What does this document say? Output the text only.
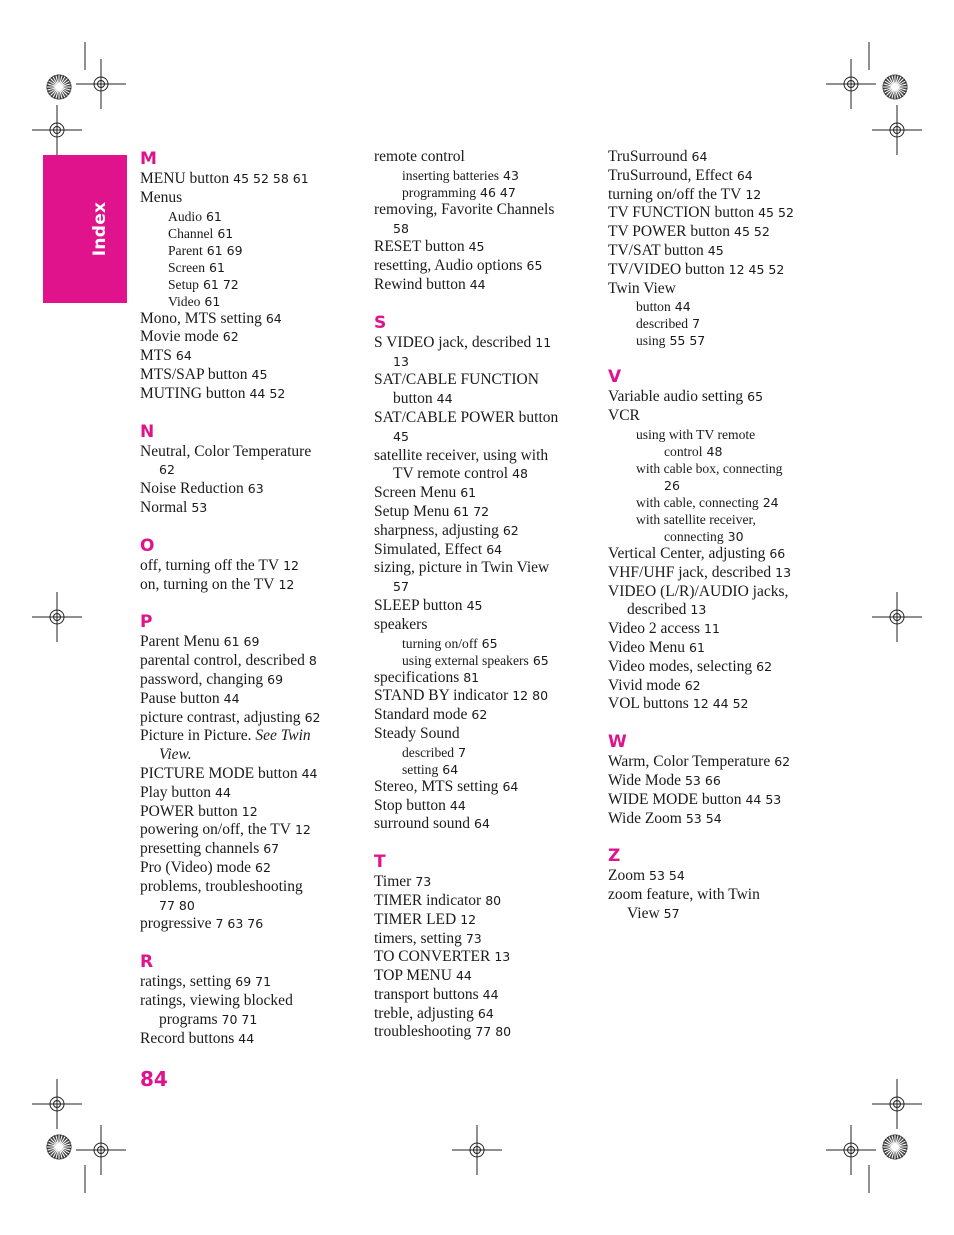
Index
M
MENU button 45 52 58 61
Menus
Audio 61
Channel 61
Parent 61 69
Screen 61
Setup 61 72
Video 61
Mono, MTS setting 64
Movie mode 62
MTS 64
MTS/SAP button 45
MUTING button 44 52
N
Neutral, Color Temperature
62
Noise Reduction 63
Normal 53
O
off, turning off the TV 12
on, turning on the TV 12
P
Parent Menu 61 69
parental control, described 8
password, changing 69
Pause button 44
picture contrast, adjusting 62
Picture in Picture. See Twin
View.
PICTURE MODE button 44
Play button 44
POWER button 12
powering on/off, the TV 12
presetting channels 67
Pro (Video) mode 62
problems, troubleshooting
77 80
progressive 7 63 76
R
ratings, setting 69 71
ratings, viewing blocked
programs 70 71
Record buttons 44
remote control
inserting batteries 43
programming 46 47
removing, Favorite Channels
58
RESET button 45
resetting, Audio options 65
Rewind button 44
S
S VIDEO jack, described 11
13
SAT/CABLE FUNCTION
button 44
SAT/CABLE POWER button
45
satellite receiver, using with
TV remote control 48
Screen Menu 61
Setup Menu 61 72
sharpness, adjusting 62
Simulated, Effect 64
sizing, picture in Twin View
57
SLEEP button 45
speakers
turning on/off 65
using external speakers 65
specifications 81
STAND BY indicator 12 80
Standard mode 62
Steady Sound
described 7
setting 64
Stereo, MTS setting 64
Stop button 44
surround sound 64
T
Timer 73
TIMER indicator 80
TIMER LED 12
timers, setting 73
TO CONVERTER 13
TOP MENU 44
transport buttons 44
treble, adjusting 64
troubleshooting 77 80
TruSurround 64
TruSurround, Effect 64
turning on/off the TV 12
TV FUNCTION button 45 52
TV POWER button 45 52
TV/SAT button 45
TV/VIDEO button 12 45 52
Twin View
button 44
described 7
using 55 57
V
Variable audio setting 65
VCR
using with TV remote
control 48
with cable box, connecting
26
with cable, connecting 24
with satellite receiver,
connecting 30
Vertical Center, adjusting 66
VHF/UHF jack, described 13
VIDEO (L/R)/AUDIO jacks,
described 13
Video 2 access 11
Video Menu 61
Video modes, selecting 62
Vivid mode 62
VOL buttons 12 44 52
W
Warm, Color Temperature 62
Wide Mode 53 66
WIDE MODE button 44 53
Wide Zoom 53 54
Z
Zoom 53 54
zoom feature, with Twin
View 57
84
